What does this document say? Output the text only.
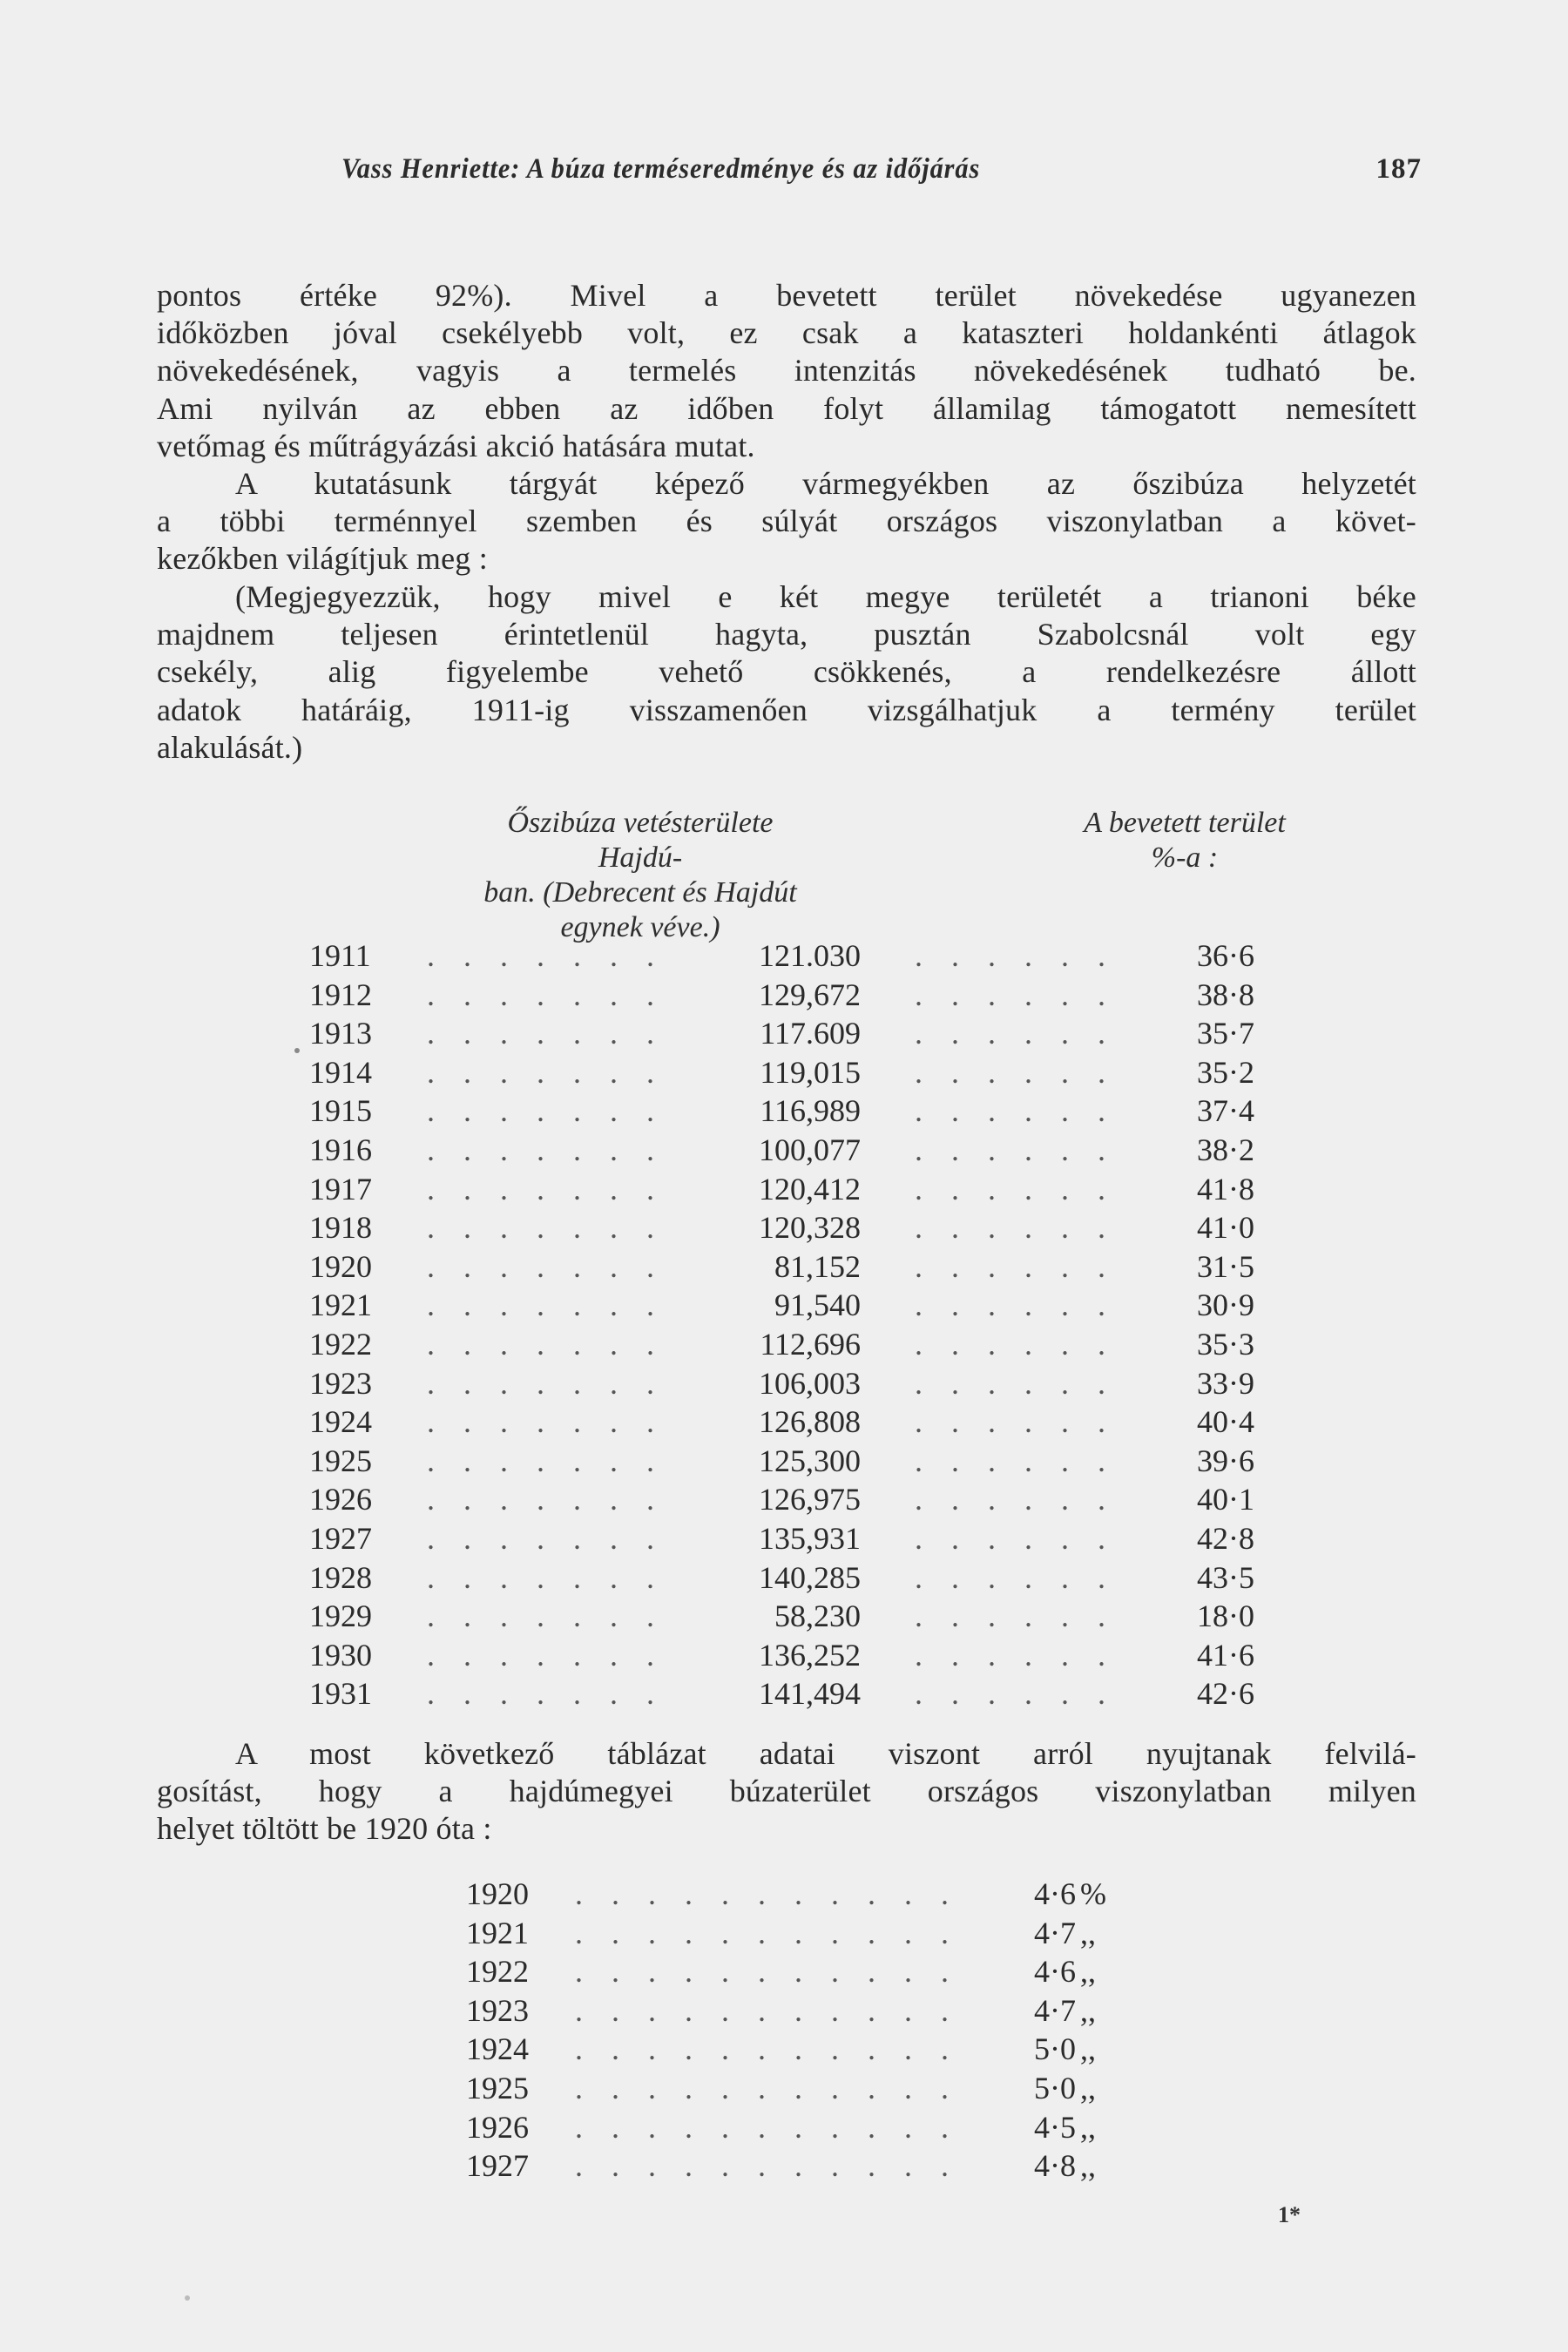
Vass Henriette: A búza terméseredménye és az időjárás	187
pontos értéke 92%). Mivel a bevetett terület növekedése ugyanezen
időközben jóval csekélyebb volt, ez csak a kataszteri holdankénti átlagok
növekedésének, vagyis a termelés intenzitás növekedésének tudható be.
Ami nyilván az ebben az időben folyt államilag támogatott nemesített
vetőmag és műtrágyázási akció hatására mutat.
A kutatásunk tárgyát képező vármegyékben az őszibúza helyzetét
a többi terménnyel szemben és súlyát országos viszonylatban a követ-
kezőkben világítjuk meg :
(Megjegyezzük, hogy mivel e két megye területét a trianoni béke
majdnem teljesen érintetlenül hagyta, pusztán Szabolcsnál volt egy
csekély, alig figyelembe vehető csökkenés, a rendelkezésre állott
adatok határáig, 1911-ig visszamenően vizsgálhatjuk a termény terület
alakulását.)
Őszibúza vetésterülete Hajdú-
ban. (Debrecent és Hajdút
egynek véve.)
A bevetett terület
%-a :
1911 . . . . . . .	121.030 . . . . . .	36·6
1912 . . . . . . .	129,672 . . . . . .	38·8
1913 . . . . . . .	117.609 . . . . . .	35·7
1914 . . . . . . .	119,015 . . . . . .	35·2
1915 . . . . . . .	116,989 . . . . . .	37·4
1916 . . . . . . .	100,077 . . . . . .	38·2
1917 . . . . . . .	120,412 . . . . . .	41·8
1918 . . . . . . .	120,328 . . . . . .	41·0
1920 . . . . . . .	81,152 . . . . . .	31·5
1921 . . . . . . .	91,540 . . . . . .	30·9
1922 . . . . . . .	112,696 . . . . . .	35·3
1923 . . . . . . .	106,003 . . . . . .	33·9
1924 . . . . . . .	126,808 . . . . . .	40·4
1925 . . . . . . .	125,300 . . . . . .	39·6
1926 . . . . . . .	126,975 . . . . . .	40·1
1927 . . . . . . .	135,931 . . . . . .	42·8
1928 . . . . . . .	140,285 . . . . . .	43·5
1929 . . . . . . .	58,230 . . . . . .	18·0
1930 . . . . . . .	136,252 . . . . . .	41·6
1931 . . . . . . .	141,494 . . . . . .	42·6
A most következő táblázat adatai viszont arról nyujtanak felvilá-
gosítást, hogy a hajdúmegyei búzaterület országos viszonylatban milyen
helyet töltött be 1920 óta :
1920 . . . . . . . . . . .	4·6 %
1921 . . . . . . . . . . .	4·7 ,,
1922 . . . . . . . . . . .	4·6 ,,
1923 . . . . . . . . . . .	4·7 ,,
1924 . . . . . . . . . . .	5·0 ,,
1925 . . . . . . . . . . .	5·0 ,,
1926 . . . . . . . . . . .	4·5 ,,
1927 . . . . . . . . . . .	4·8 ,,
1*
